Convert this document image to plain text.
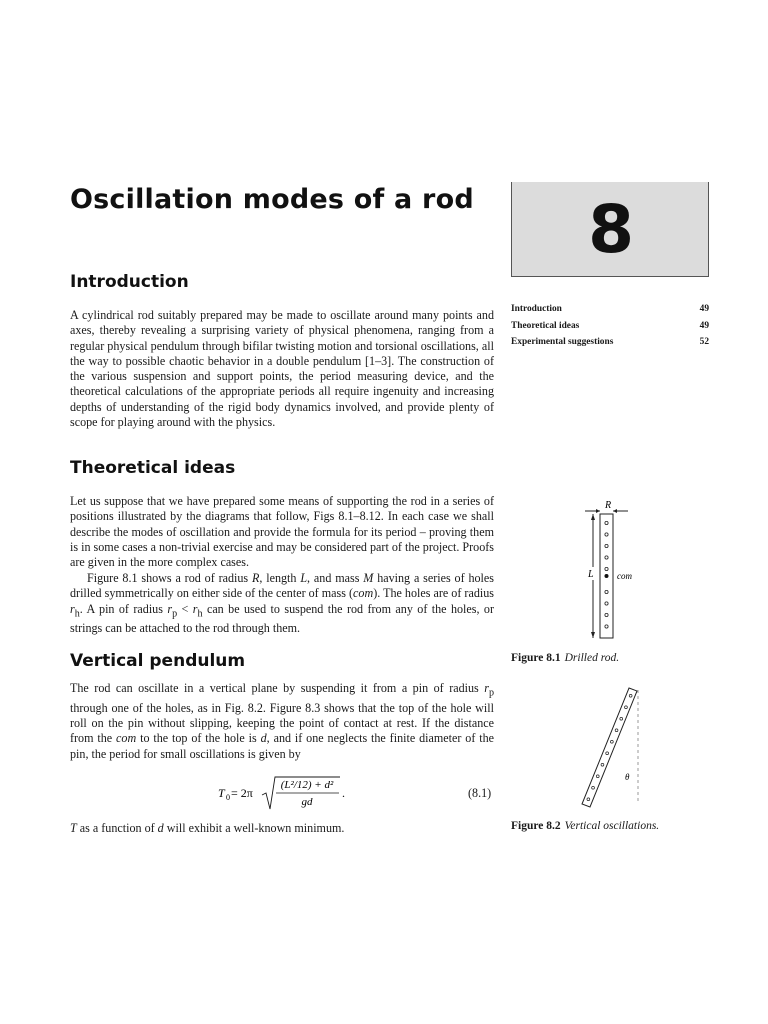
Oscillation modes of a rod 8
Introduction	49
Theoretical ideas	49
Experimental suggestions	52
Introduction

A cylindrical rod suitably prepared may be made to oscillate around many points and axes, thereby revealing a surprising variety of physical phenomena, ranging from a regular physical pendulum through bifilar twisting motion and torsional oscillations, all the way to possible chaotic behavior in a double pendulum [1–3]. The construction of the various suspension and support points, the period measuring device, and the theoretical calculations of the appropriate periods all require ingenuity and increasing depths of understanding of the rigid body dynamics involved, and provide plenty of scope for playing around with the physics.

Theoretical ideas

Let us suppose that we have prepared some means of supporting the rod in a series of positions illustrated by the diagrams that follow, Figs 8.1–8.12. In each case we shall describe the modes of oscillation and provide the formula for its period – proving them is in some cases a non-trivial exercise and may be considered part of the project. Proofs are given in the more complex cases.

Figure 8.1 shows a rod of radius R, length L, and mass M having a series of holes drilled symmetrically on either side of the center of mass (com). The holes are of radius $r_h$. A pin of radius $r_p < r_h$ can be used to suspend the rod from any of the holes, or strings can be attached to the rod through them.

Vertical pendulum

The rod can oscillate in a vertical plane by suspending it from a pin of radius $r_p$ through one of the holes, as in Fig. 8.2. Figure 8.3 shows that the top of the hole will roll on the pin without slipping, keeping the point of contact at rest. If the distance from the com to the top of the hole is d, and if one neglects the finite diameter of the pin, the period for small oscillations is given by

T 0 = 2π
(L²/12) + d²
gd
.	(8.1)

T as a function of d will exhibit a well-known minimum.

R
L	com
Figure 8.1 Drilled rod.
θ
Figure 8.2 Vertical oscillations.
